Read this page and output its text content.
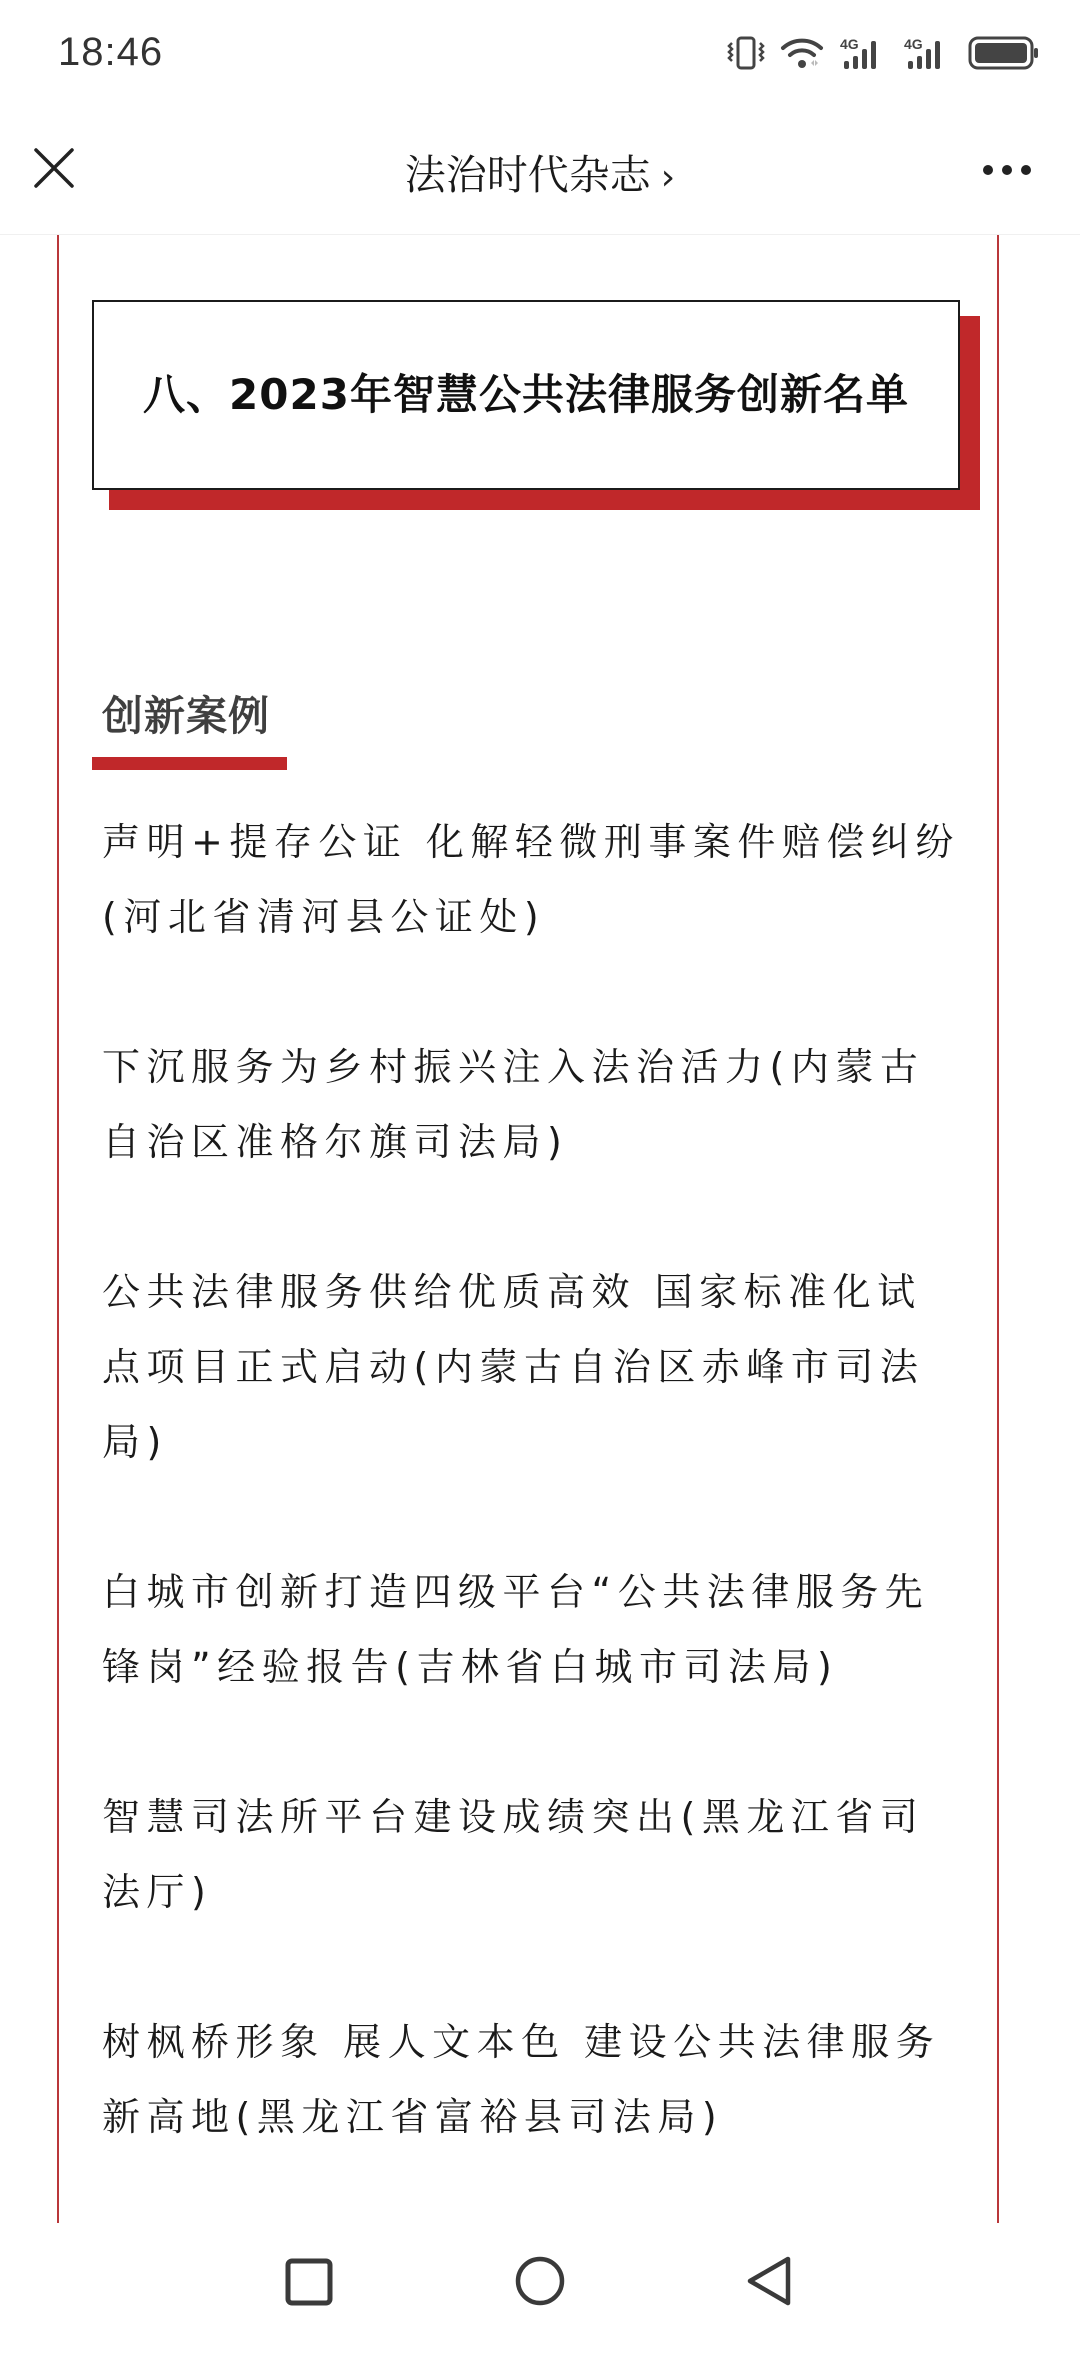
18:46	4G	4G
法治时代杂志 ›
八、2023年智慧公共法律服务创新名单
创新案例
声明+提存公证 化解轻微刑事案件赔偿纠纷(河北省清河县公证处)
下沉服务为乡村振兴注入法治活力(内蒙古自治区准格尔旗司法局)
公共法律服务供给优质高效 国家标准化试点项目正式启动(内蒙古自治区赤峰市司法局)
白城市创新打造四级平台“公共法律服务先锋岗”经验报告(吉林省白城市司法局)
智慧司法所平台建设成绩突出(黑龙江省司法厅)
树枫桥形象 展人文本色 建设公共法律服务新高地(黑龙江省富裕县司法局)
